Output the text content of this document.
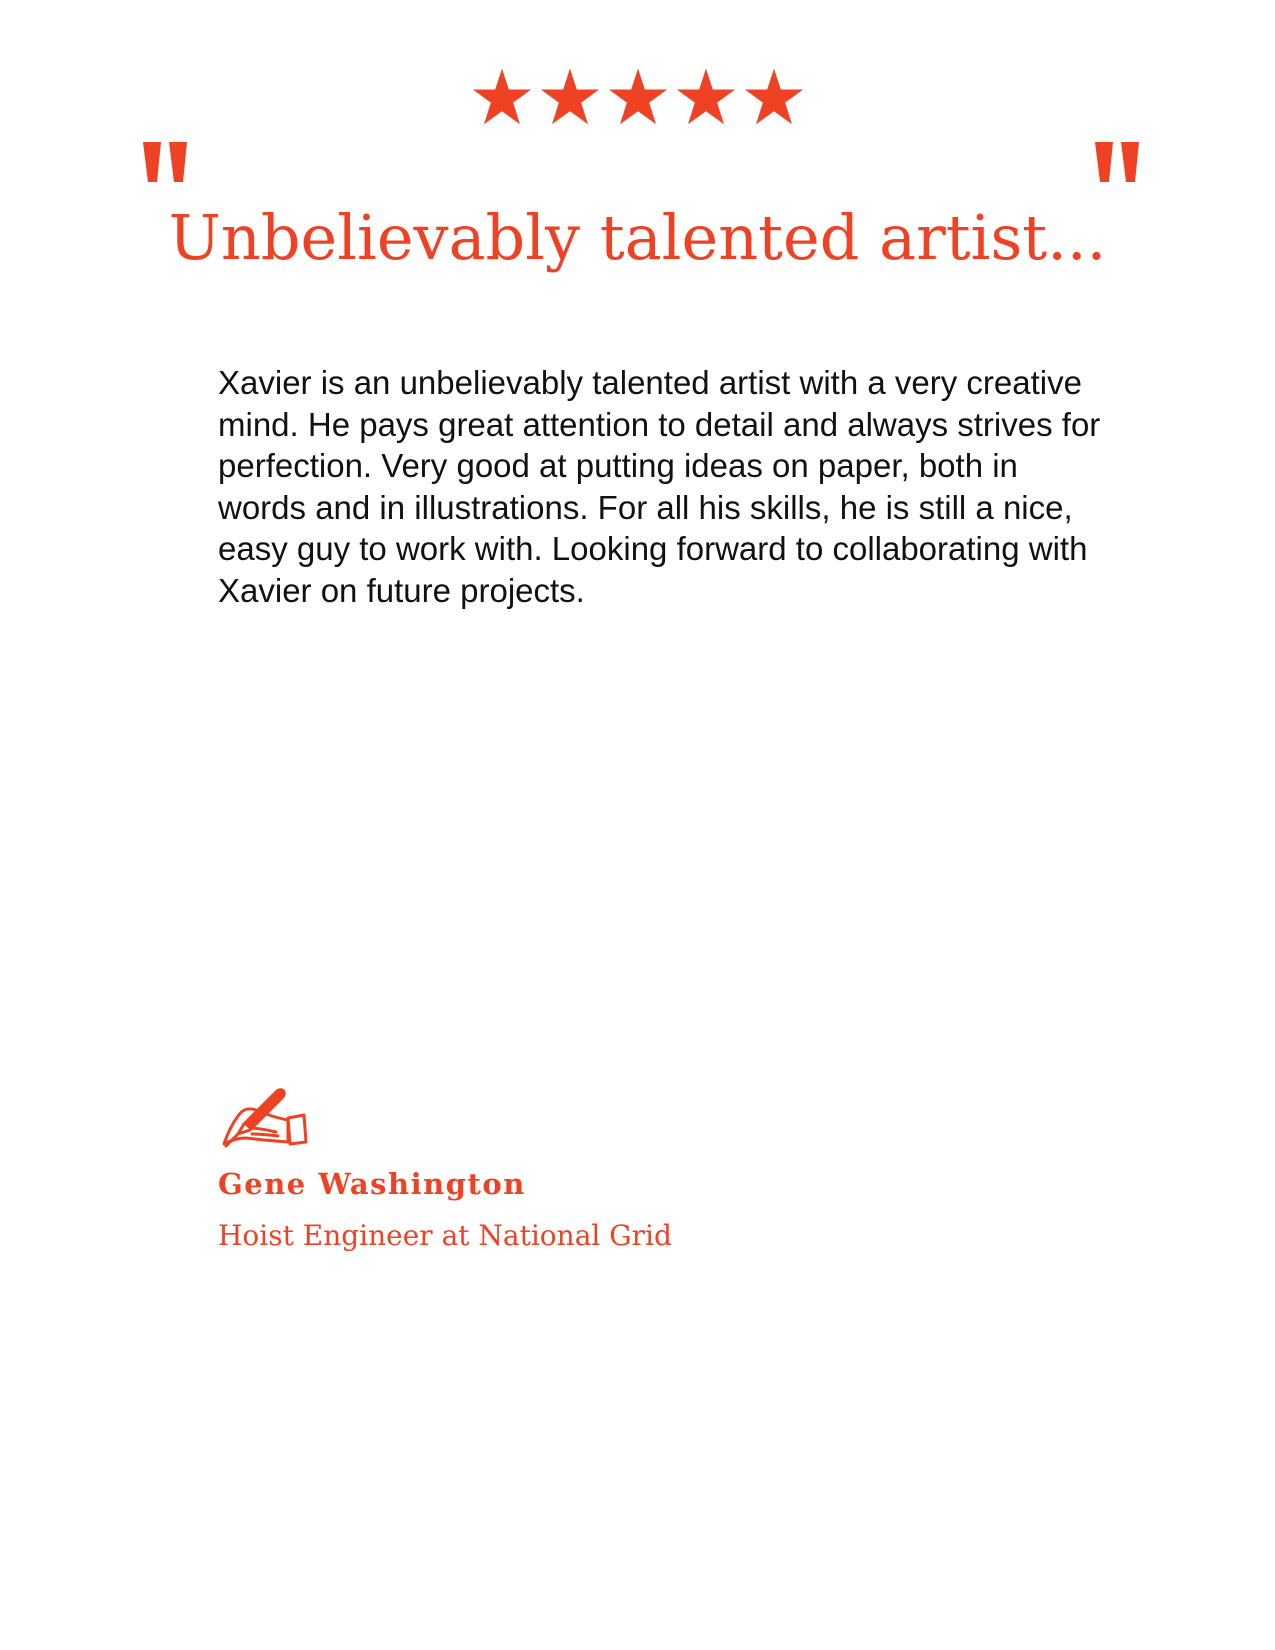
Unbelievably talented artist...

Xavier is an unbelievably talented artist with a very creative mind. He pays great attention to detail and always strives for perfection. Very good at putting ideas on paper, both in words and in illustrations. For all his skills, he is still a nice, easy guy to work with. Looking forward to collaborating with Xavier on future projects.

Gene Washington

Hoist Engineer at National Grid
